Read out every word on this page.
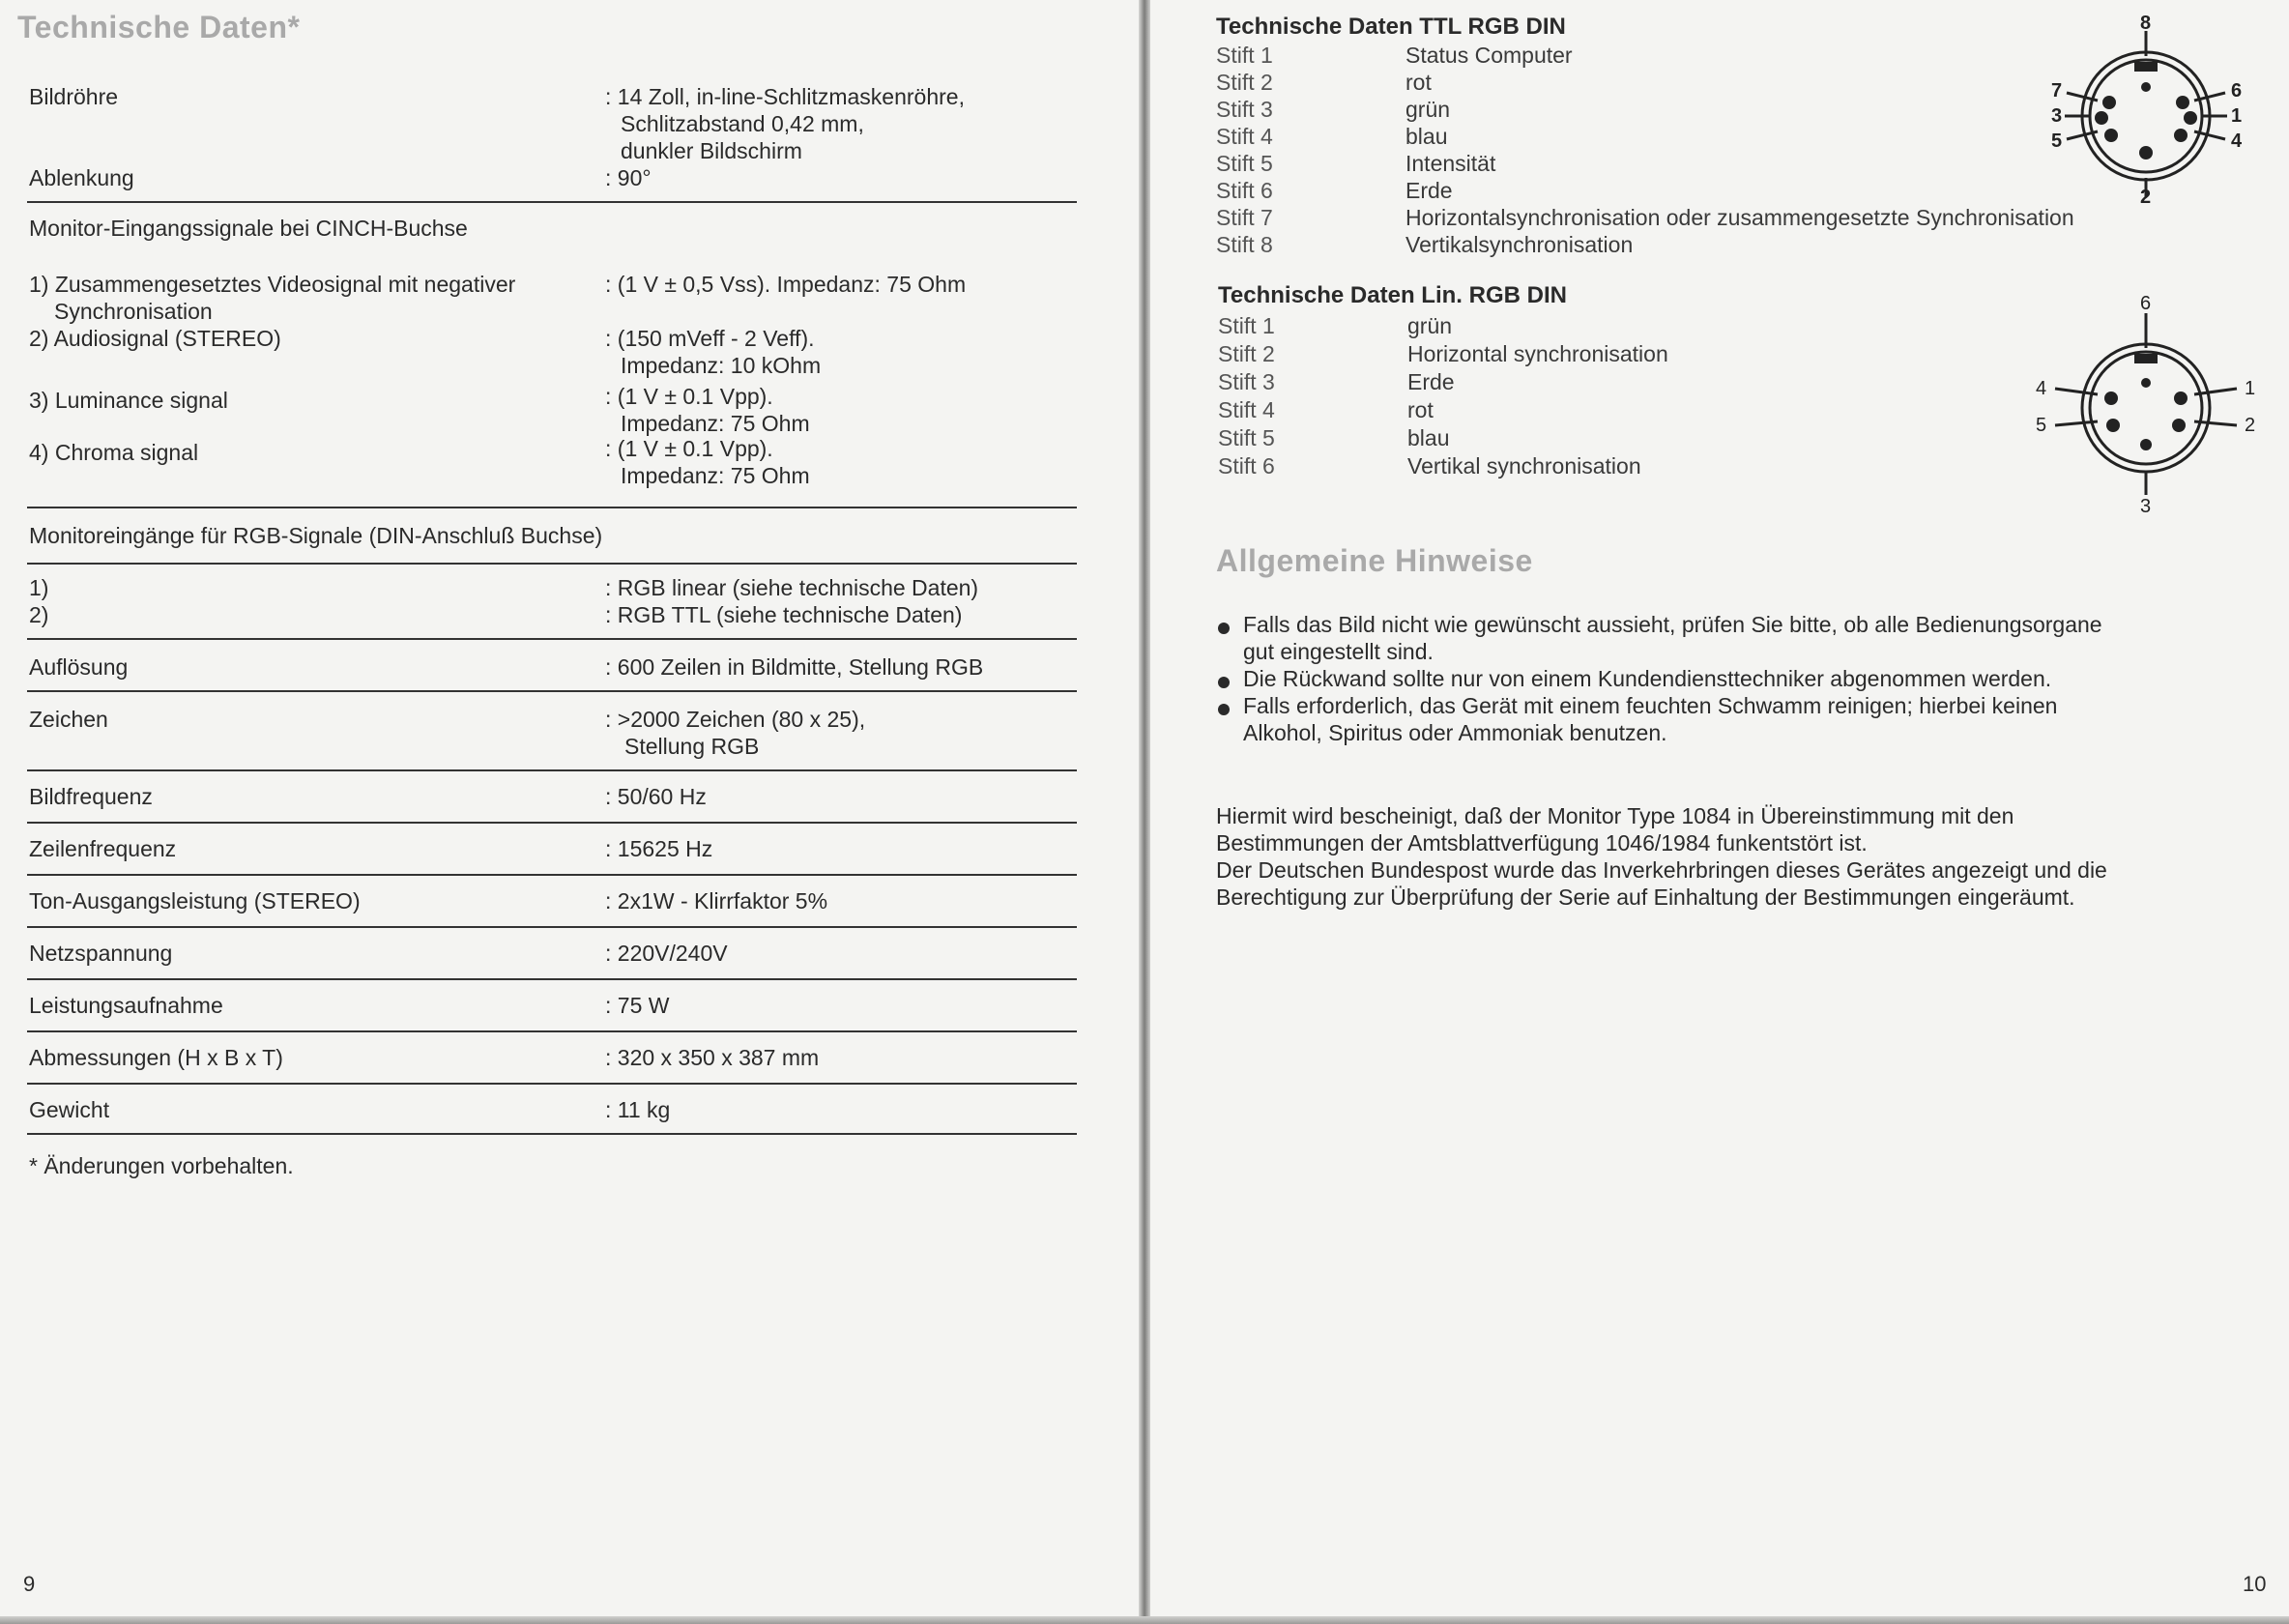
Technische Daten*
Bildröhre	: 14 Zoll, in-line-Schlitzmaskenröhre,
Schlitzabstand 0,42 mm,
dunkler Bildschirm
Ablenkung	: 90°
Monitor-Eingangssignale bei CINCH-Buchse
1) Zusammengesetztes Videosignal mit negativer
Synchronisation
: (1 V ± 0,5 Vss). Impedanz: 75 Ohm
2) Audiosignal (STEREO)	: (150 mVeff - 2 Veff).
Impedanz: 10 kOhm
3) Luminance signal	: (1 V ± 0.1 Vpp).
Impedanz: 75 Ohm
4) Chroma signal	: (1 V ± 0.1 Vpp).
Impedanz: 75 Ohm
Monitoreingänge für RGB-Signale (DIN-Anschluß Buchse)
1)	: RGB linear (siehe technische Daten)
2)	: RGB TTL (siehe technische Daten)
Auflösung	: 600 Zeilen in Bildmitte, Stellung RGB
Zeichen	: >2000 Zeichen (80 x 25),
Stellung RGB
Bildfrequenz	: 50/60 Hz
Zeilenfrequenz	: 15625 Hz
Ton-Ausgangsleistung (STEREO)	: 2x1W - Klirrfaktor 5%
Netzspannung	: 220V/240V
Leistungsaufnahme	: 75 W
Abmessungen (H x B x T)	: 320 x 350 x 387 mm
Gewicht	: 11 kg
* Änderungen vorbehalten.
9
Technische Daten TTL RGB DIN
Stift 1	Status Computer
Stift 2	rot
Stift 3	grün
Stift 4	blau
Stift 5	Intensität
Stift 6	Erde
Stift 7	Horizontalsynchronisation oder zusammengesetzte Synchronisation
Stift 8	Vertikalsynchronisation
8
7
3
5
6
1
4
2
Technische Daten Lin. RGB DIN
Stift 1	grün
Stift 2	Horizontal synchronisation
Stift 3	Erde
Stift 4	rot
Stift 5	blau
Stift 6	Vertikal synchronisation
6
4
5
1
2
3
Allgemeine Hinweise
Falls das Bild nicht wie gewünscht aussieht, prüfen Sie bitte, ob alle Bedienungsorgane
gut eingestellt sind.
Die Rückwand sollte nur von einem Kundendiensttechniker abgenommen werden.
Falls erforderlich, das Gerät mit einem feuchten Schwamm reinigen; hierbei keinen
Alkohol, Spiritus oder Ammoniak benutzen.
Hiermit wird bescheinigt, daß der Monitor Type 1084 in Übereinstimmung mit den
Bestimmungen der Amtsblattverfügung 1046/1984 funkentstört ist.
Der Deutschen Bundespost wurde das Inverkehrbringen dieses Gerätes angezeigt und die
Berechtigung zur Überprüfung der Serie auf Einhaltung der Bestimmungen eingeräumt.
10
